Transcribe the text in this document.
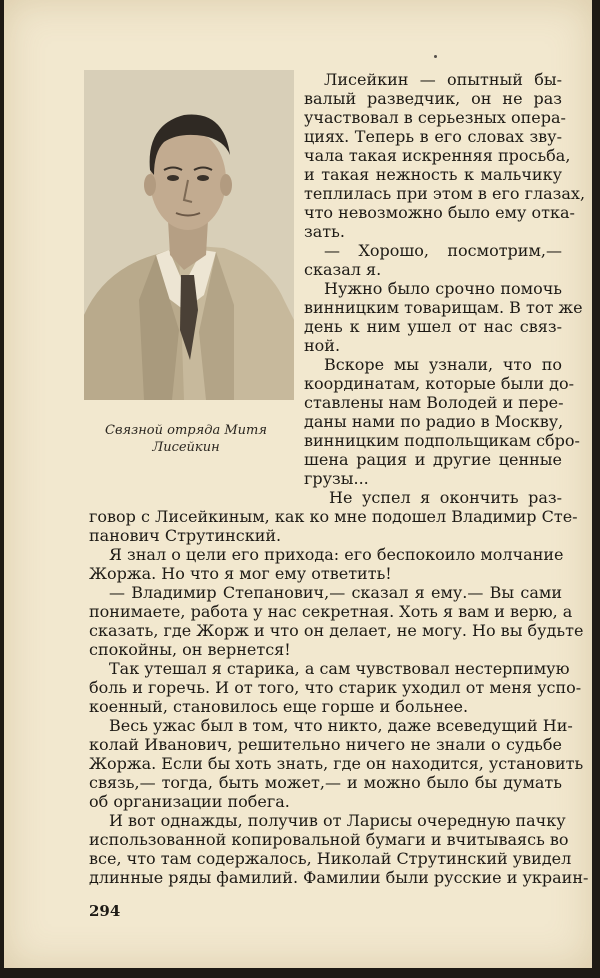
Связной отряда Митя
Лисейкин

Лисейкин — опытный бы-

валый разведчик, он не раз

участвовал в серьезных опера-

циях. Теперь в его словах зву-

чала такая искренняя просьба,

и такая нежность к мальчику

теплилась при этом в его глазах,

что невозможно было ему отка-

зать.

— Хорошо, посмотрим,—

сказал я.

Нужно было срочно помочь

винницким товарищам. В тот же

день к ним ушел от нас связ-

ной.

Вскоре мы узнали, что по

координатам, которые были до-

ставлены нам Володей и пере-

даны нами по радио в Москву,

винницким подпольщикам сбро-

шена рация и другие ценные

грузы...

Не успел я окончить раз-

говор с Лисейкиным, как ко мне подошел Владимир Сте-

панович Струтинский.

Я знал о цели его прихода: его беспокоило молчание

Жоржа. Но что я мог ему ответить!

— Владимир Степанович,— сказал я ему.— Вы сами

понимаете, работа у нас секретная. Хоть я вам и верю, а

сказать, где Жорж и что он делает, не могу. Но вы будьте

спокойны, он вернется!

Так утешал я старика, а сам чувствовал нестерпимую

боль и горечь. И от того, что старик уходил от меня успо-

коенный, становилось еще горше и больнее.

Весь ужас был в том, что никто, даже всеведущий Ни-

колай Иванович, решительно ничего не знали о судьбе

Жоржа. Если бы хоть знать, где он находится, установить

связь,— тогда, быть может,— и можно было бы думать

об организации побега.

И вот однажды, получив от Ларисы очередную пачку

использованной копировальной бумаги и вчитываясь во

все, что там содержалось, Николай Струтинский увидел

длинные ряды фамилий. Фамилии были русские и украин-

294
